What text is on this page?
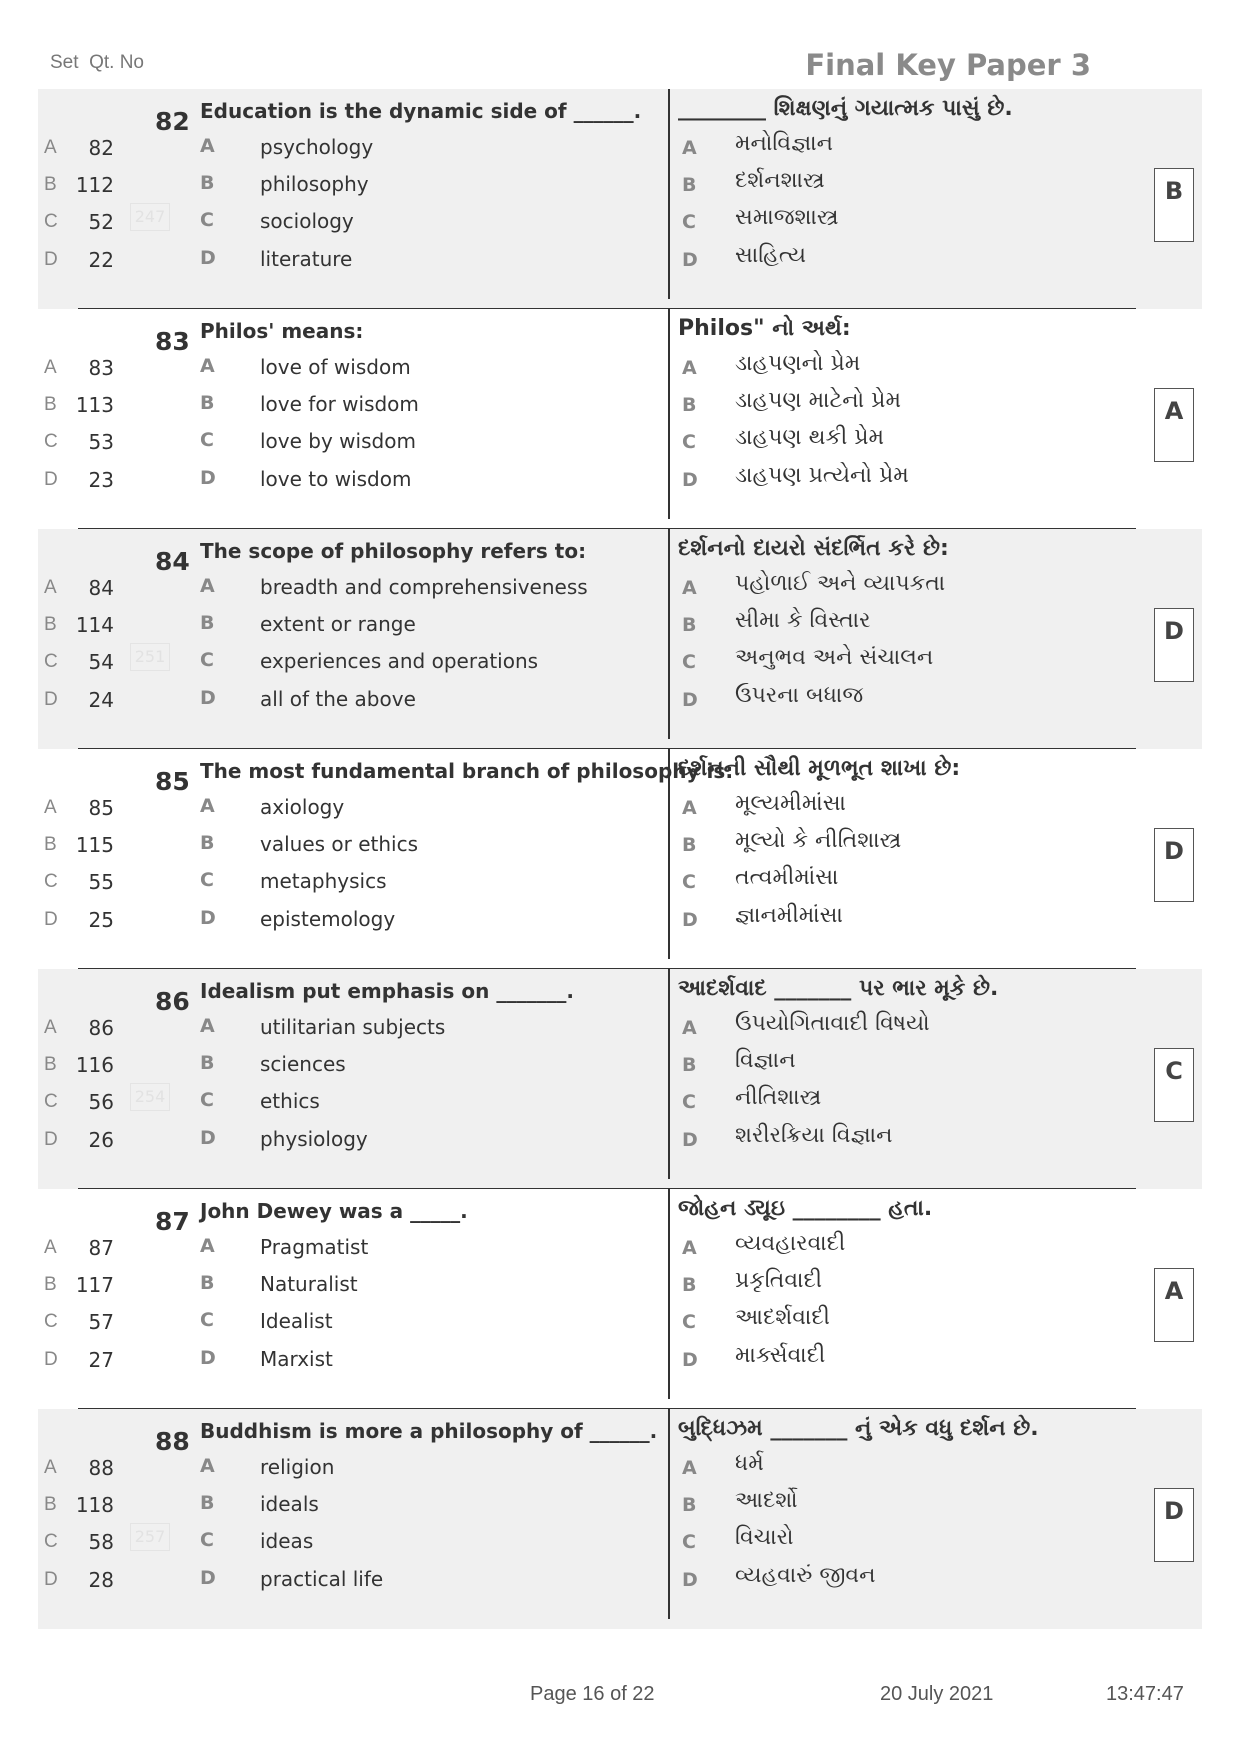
Set Qt. No	Final Key Paper 3
82 Education is the dynamic side of ______. ________ શિક્ષણનું ગયાત્મક પાસું છે.
A	82	A psychology	A મનોવિજ્ઞાન
B 112	B philosophy	B દર્શનશાસ્ત્ર
C	52 247 C sociology	C સમાજશાસ્ત્ર
D	22	D literature	D સાહિત્ય
B
83 Philos' means:	Philos" નો અર્થ:
A	83	A love of wisdom	A ડાહપણનો પ્રેમ
B 113	B love for wisdom	B ડાહપણ માટેનો પ્રેમ
C	53	C love by wisdom	C ડાહપણ થકી પ્રેમ
D	23	D love to wisdom	D ડાહપણ પ્રત્યેનો પ્રેમ
A
84 The scope of philosophy refers to:	દર્શનનો દાયરો સંદર્ભિત કરે છે:
A	84	A breadth and comprehensiveness	A પહોળાઈ અને વ્યાપકતા
B 114	B extent or range	B સીમા કે વિસ્તાર
C	54 251 C experiences and operations	C અનુભવ અને સંચાલન
D	24	D all of the above	D ઉપરના બધાજ
D
85 The most fundamental branch of philosophy is:
દર્શનની સૌથી મૂળભૂત શાખા છે:
A	85	A axiology	A મૂલ્યમીમાંસા
B 115	B values or ethics	B મૂલ્યો કે નીતિશાસ્ત્ર
C	55	C metaphysics	C તત્વમીમાંસા
D	25	D epistemology	D જ્ઞાનમીમાંસા
D
86 Idealism put emphasis on _______.	આદર્શવાદ _______ પર ભાર મૂકે છે.
A	86	A utilitarian subjects	A ઉપયોગિતાવાદી વિષયો
B 116	B sciences	B વિજ્ઞાન
C	56 254 C ethics	C નીતિશાસ્ત્ર
D	26	D physiology	D શરીરક્રિયા વિજ્ઞાન
C
87 John Dewey was a _____.	જોહન ડ્યૂઇ ________ હતા.
A	87	A Pragmatist	A વ્યવહારવાદી
B 117	B Naturalist	B પ્રકૃતિવાદી
C	57	C Idealist	C આદર્શવાદી
D	27	D Marxist	D માર્ક્સવાદી
A
88 Buddhism is more a philosophy of ______. બુદ્ધિઝમ _______ નું એક વધુ દર્શન છે.
A	88	A religion	A ધર્મ
B 118	B ideals	B આદર્શો
C	58 257 C ideas	C વિચારો
D	28	D practical life	D વ્યહવારું જીવન
D
Page 16 of 22	20 July 2021	13:47:47
